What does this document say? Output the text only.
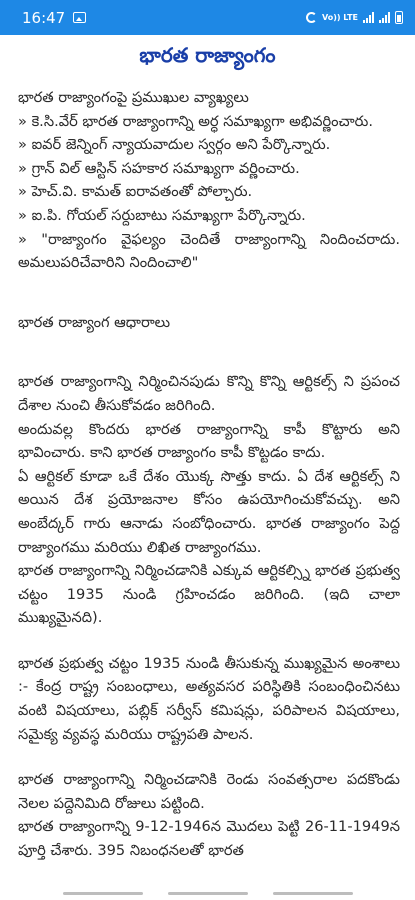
16:47	Vo)) LTE
భారత రాజ్యాంగం

భారత రాజ్యాంగంపై ప్రముఖుల వ్యాఖ్యలు

» కె.సి.వేర్ భారత రాజ్యాంగాన్ని అర్ధ సమాఖ్యగా అభివర్ణించారు.

» ఐవర్ జెన్నింగ్ న్యాయవాదుల స్వర్గం అని పేర్కొన్నారు.

» గ్రాన్ విల్ ఆస్టిన్ సహకార సమాఖ్యగా వర్ణించారు.

» హెచ్.వి. కామత్ ఐరావతంతో పోల్చారు.

» ఐ.పి. గోయల్ సర్దుబాటు సమాఖ్యగా పేర్కొన్నారు.

» "రాజ్యాంగం వైఫల్యం చెందితే రాజ్యాంగాన్ని నిందించరాదు. అమలుపరిచేవారిని నిందించాలి"

భారత రాజ్యాంగ ఆధారాలు

భారత రాజ్యాంగాన్ని నిర్మించినపుడు కొన్ని కొన్ని ఆర్టికల్స్ ని ప్రపంచ దేశాల నుంచి తీసుకోవడం జరిగింది.

అందువల్ల కొందరు భారత రాజ్యాంగాన్ని కాపీ కొట్టారు అని భావించారు. కాని భారత రాజ్యాంగం కాపీ కొట్టడం కాదు.

ఏ ఆర్టికల్ కూడా ఒకే దేశం యొక్క సొత్తు కాదు. ఏ దేశ ఆర్టికల్స్ ని అయిన దేశ ప్రయోజనాల కోసం ఉపయోగించుకోవచ్చు. అని అంబేద్కర్ గారు ఆనాడు సంబోధించారు. భారత రాజ్యాంగం పెద్ద రాజ్యాంగము మరియు లిఖిత రాజ్యాంగము.

భారత రాజ్యాంగాన్ని నిర్మించడానికి ఎక్కువ ఆర్టికల్స్ని భారత ప్రభుత్వ చట్టం 1935 నుండి గ్రహించడం జరిగింది. (ఇది చాలా ముఖ్యమైనది).

భారత ప్రభుత్వ చట్టం 1935 నుండి తీసుకున్న ముఖ్యమైన అంశాలు :- కేంద్ర రాష్ట్ర సంబంధాలు, అత్యవసర పరిస్థితికి సంబంధించినటు వంటి విషయాలు, పబ్లిక్ సర్వీస్ కమిషన్లు, పరిపాలన విషయాలు, సమైక్య వ్యవస్థ మరియు రాష్ట్రపతి పాలన.

భారత రాజ్యాంగాన్ని నిర్మించడానికి రెండు సంవత్సరాల పదకొండు నెలల పద్దెనిమిది రోజులు పట్టింది.

భారత రాజ్యాంగాన్ని 9-12-1946న మొదలు పెట్టి 26-11-1949న పూర్తి చేశారు. 395 నిబంధనలతో భారత
